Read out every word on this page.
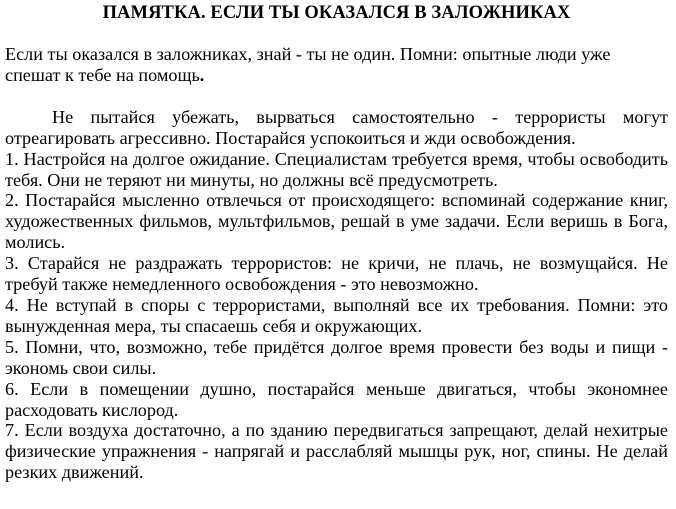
ПАМЯТКА. ЕСЛИ ТЫ ОКАЗАЛСЯ В ЗАЛОЖНИКАХ

Если ты оказался в заложниках, знай - ты не один. Помни: опытные люди уже спешат к тебе на помощь.

Не пытайся убежать, вырваться самостоятельно - террористы могут отреагировать агрессивно. Постарайся успокоиться и жди освобождения.

1. Настройся на долгое ожидание. Специалистам требуется время, чтобы освободить тебя. Они не теряют ни минуты, но должны всё предусмотреть.

2. Постарайся мысленно отвлечься от происходящего: вспоминай содержание книг, художественных фильмов, мультфильмов, решай в уме задачи. Если веришь в Бога, молись.

3. Старайся не раздражать террористов: не кричи, не плачь, не возмущайся. Не требуй также немедленного освобождения - это невозможно.

4. Не вступай в споры с террористами, выполняй все их требования. Помни: это вынужденная мера, ты спасаешь себя и окружающих.

5. Помни, что, возможно, тебе придётся долгое время провести без воды и пищи - экономь свои силы.

6. Если в помещении душно, постарайся меньше двигаться, чтобы экономнее расходовать кислород.

7. Если воздуха достаточно, а по зданию передвигаться запрещают, делай нехитрые физические упражнения - напрягай и расслабляй мышцы рук, ног, спины. Не делай резких движений.
